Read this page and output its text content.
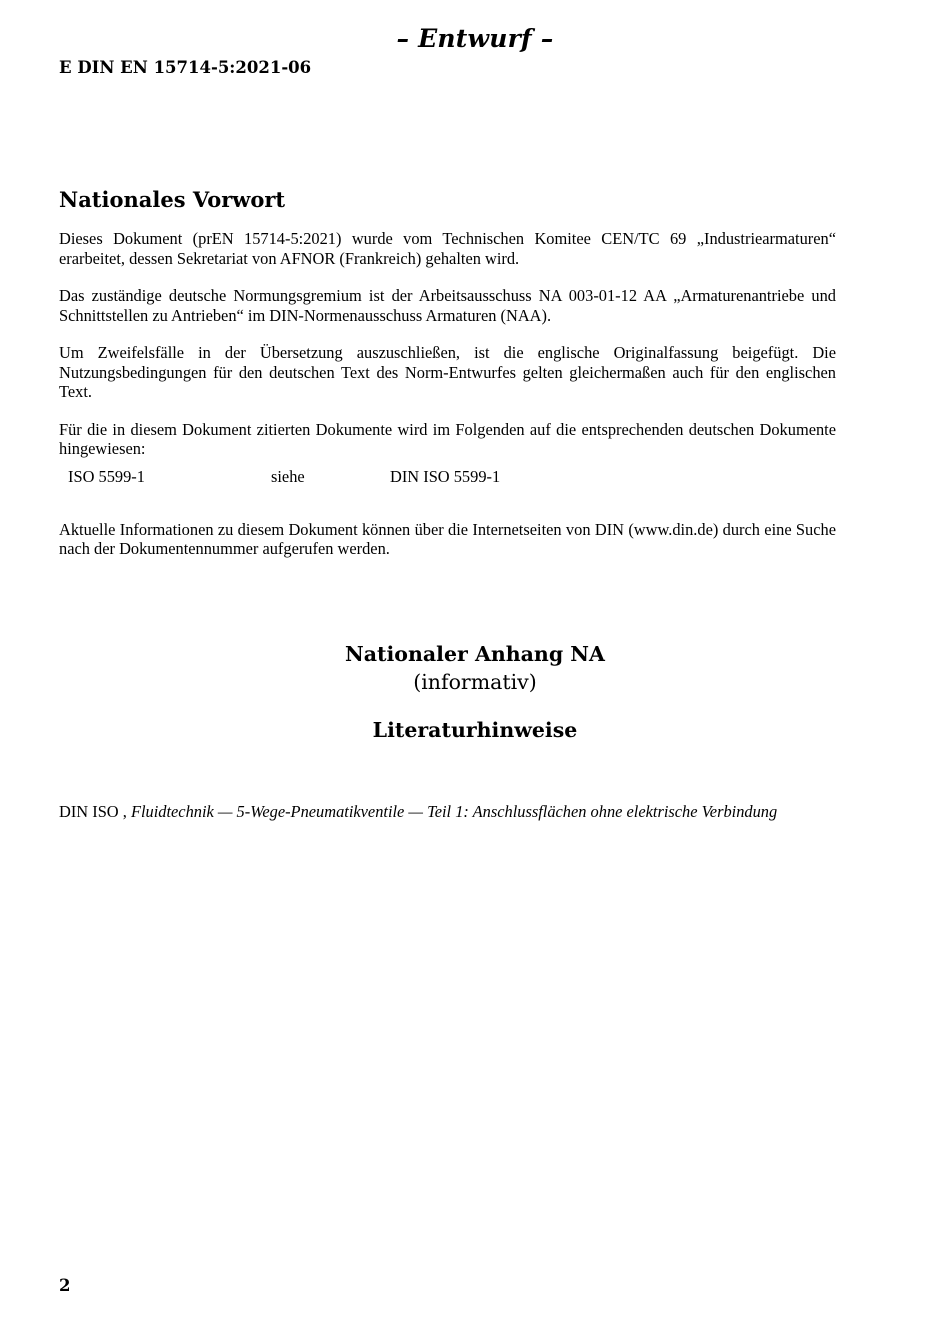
– Entwurf –
E DIN EN 15714-5:2021-06
Nationales Vorwort

Dieses Dokument (prEN 15714-5:2021) wurde vom Technischen Komitee CEN/TC 69 „Industriearmaturen“ erarbeitet, dessen Sekretariat von AFNOR (Frankreich) gehalten wird.

Das zuständige deutsche Normungsgremium ist der Arbeitsausschuss NA 003-01-12 AA „Armaturenantriebe und Schnittstellen zu Antrieben“ im DIN-Normenausschuss Armaturen (NAA).

Um Zweifelsfälle in der Übersetzung auszuschließen, ist die englische Originalfassung beigefügt. Die Nutzungsbedingungen für den deutschen Text des Norm-Entwurfes gelten gleichermaßen auch für den englischen Text.

Für die in diesem Dokument zitierten Dokumente wird im Folgenden auf die entsprechenden deutschen Dokumente hingewiesen:

ISO 5599-1	siehe	DIN ISO 5599-1

Aktuelle Informationen zu diesem Dokument können über die Internetseiten von DIN (www.din.de) durch eine Suche nach der Dokumentennummer aufgerufen werden.

Nationaler Anhang NA
(informativ)
Literaturhinweise
DIN ISO , Fluidtechnik — 5-Wege-Pneumatikventile — Teil 1: Anschlussflächen ohne elektrische Verbindung
2
